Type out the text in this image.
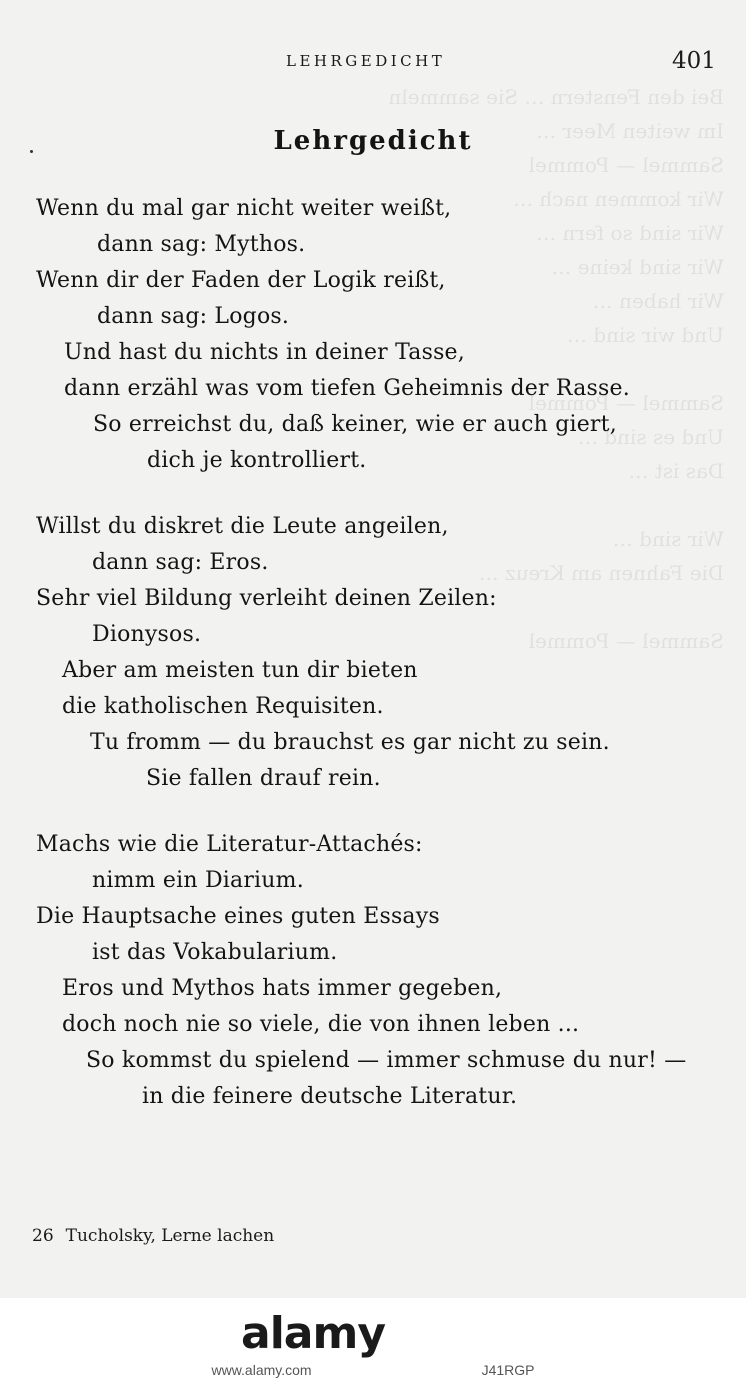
Bei den Fenstern … Sie sammeln
Im weiten Meer …
Sammel — Pommel
Wir kommen nach …
Wir sind so fern …
Wir sind keine …
Wir haben …
Und wir sind …

Sammel — Pommel
Und es sind …
Das ist …

Wir sind …
Die Fahnen am Kreuz …

Sammel — Pommel
LEHRGEDICHT	401
Lehrgedicht
Wenn du mal gar nicht weiter weißt,
dann sag: Mythos.
Wenn dir der Faden der Logik reißt,
dann sag: Logos.
Und hast du nichts in deiner Tasse,
dann erzähl was vom tiefen Geheimnis der Rasse.
So erreichst du, daß keiner, wie er auch giert,
dich je kontrolliert.
Willst du diskret die Leute angeilen,
dann sag: Eros.
Sehr viel Bildung verleiht deinen Zeilen:
Dionysos.
Aber am meisten tun dir bieten
die katholischen Requisiten.
Tu fromm — du brauchst es gar nicht zu sein.
Sie fallen drauf rein.
Machs wie die Literatur-Attachés:
nimm ein Diarium.
Die Hauptsache eines guten Essays
ist das Vokabularium.
Eros und Mythos hats immer gegeben,
doch noch nie so viele, die von ihnen leben ...
So kommst du spielend — immer schmuse du nur! —
in die feinere deutsche Literatur.
26 Tucholsky, Lerne lachen
alamy
www.alamy.com	J41RGP
